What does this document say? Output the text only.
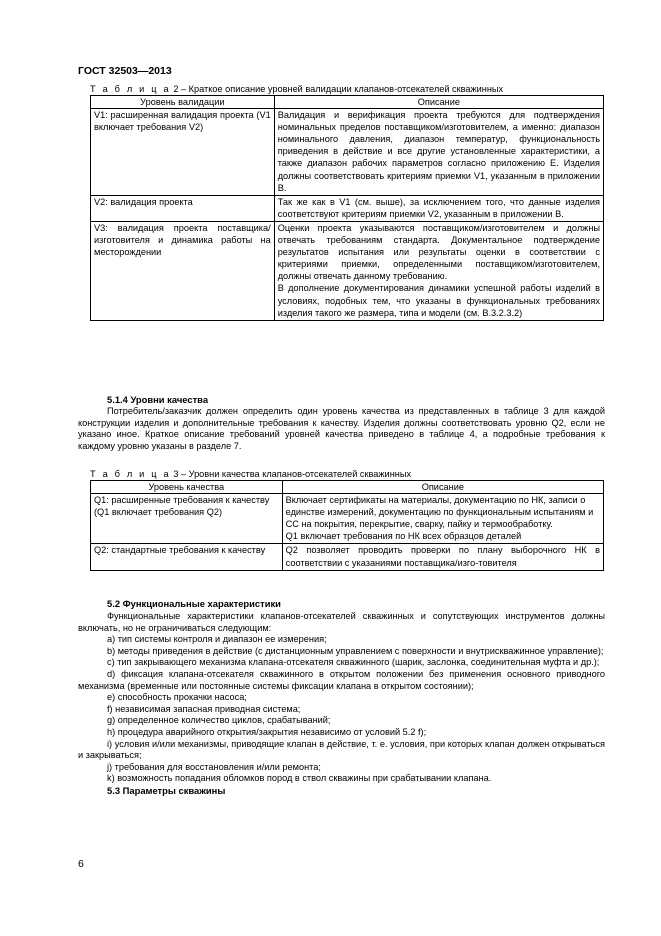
ГОСТ 32503—2013
Т а б л и ц а 2 – Краткое описание уровней валидации клапанов-отсекателей скважинных
Уровень валидации	Описание
V1: расширенная валидация проекта (V1 включает требования V2)	Валидация и верификация проекта требуются для подтверждения номинальных пределов поставщиком/изготовителем, а именно: диапазон номинального давления, диапазон температур, функциональность приведения в действие и все другие установленные характеристики, а также диапазон рабочих параметров согласно приложению Е. Изделия должны соответствовать критериям приемки V1, указанным в приложении В.
V2: валидация проекта	Так же как в V1 (см. выше), за исключением того, что данные изделия соответствуют критериям приемки V2, указанным в приложении В.
V3: валидация проекта поставщика/изготовителя и динамика работы на месторождении	Оценки проекта указываются поставщиком/изготовителем и должны отвечать требованиям стандарта. Документальное подтверждение результатов испытания или результаты оценки в соответствии с критериями приемки, определенными поставщиком/изготовителем, должны отвечать данному требованию.
В дополнение документирования динамики успешной работы изделий в условиях, подобных тем, что указаны в функциональных требованиях изделия такого же размера, типа и модели (см. В.3.2.3.2)
5.1.4 Уровни качества

Потребитель/заказчик должен определить один уровень качества из представленных в таблице 3 для каждой конструкции изделия и дополнительные требования к качеству. Изделия должны соответствовать уровню Q2, если не указано иное. Краткое описание требований уровней качества приведено в таблице 4, а подробные требования к каждому уровню указаны в разделе 7.

Т а б л и ц а 3 – Уровни качества клапанов-отсекателей скважинных
Уровень качества	Описание
Q1: расширенные требования к качеству (Q1 включает требования Q2)	Включает сертификаты на материалы, документацию по НК, записи о единстве измерений, документацию по функциональным испытаниям и СС на покрытия, перекрытие, сварку, пайку и термообработку.
Q1 включает требования по НК всех образцов деталей

Q2: стандартные требования к качеству	Q2 позволяет проводить проверки по плану выборочного НК в соответствии с указаниями поставщика/изго-товителя
5.2 Функциональные характеристики

Функциональные характеристики клапанов-отсекателей скважинных и сопутствующих инструментов должны включать, но не ограничиваться следующим:

а) тип системы контроля и диапазон ее измерения;

b) методы приведения в действие (с дистанционным управлением с поверхности и внутрискважинное управление);

c) тип закрывающего механизма клапана-отсекателя скважинного (шарик, заслонка, соединительная муфта и др.);

d) фиксация клапана-отсекателя скважинного в открытом положении без применения основного приводного механизма (временные или постоянные системы фиксации клапана в открытом состоянии);

e) способность прокачки насоса;

f) независимая запасная приводная система;

g) определенное количество циклов, срабатываний;

h) процедура аварийного открытия/закрытия независимо от условий 5.2 f);

i) условия и/или механизмы, приводящие клапан в действие, т. е. условия, при которых клапан должен открываться и закрываться;

j) требования для восстановления и/или ремонта;

k) возможность попадания обломков пород в ствол скважины при срабатывании клапана.

5.3 Параметры скважины

6
